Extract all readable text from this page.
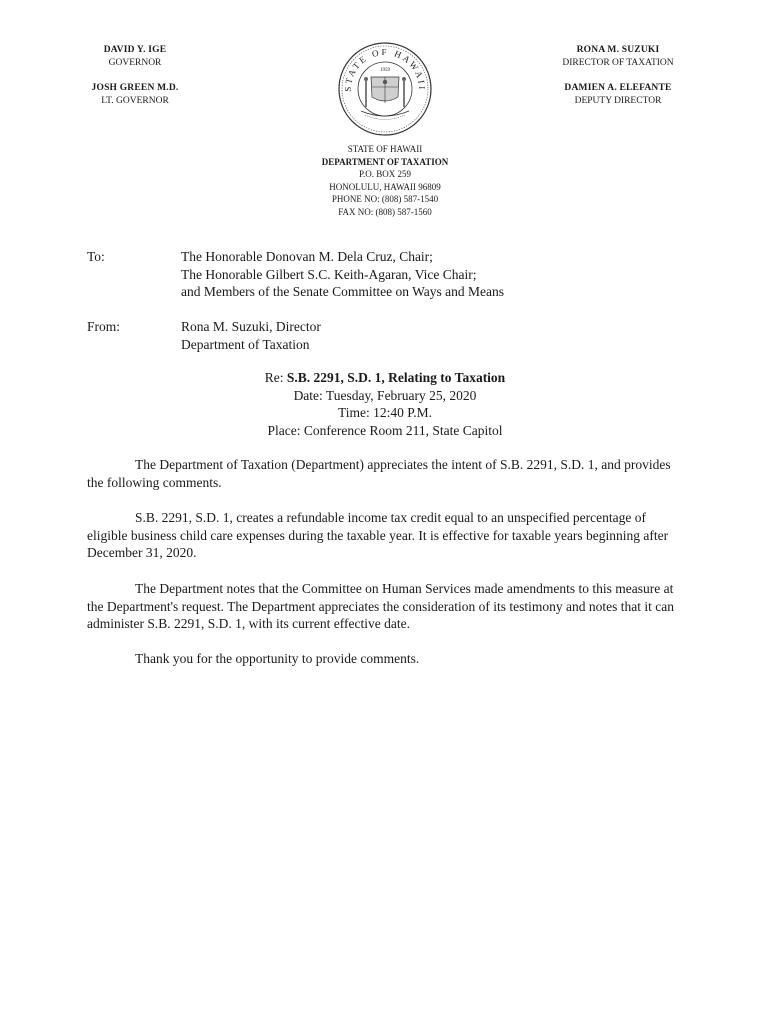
DAVID Y. IGE
GOVERNOR
JOSH GREEN M.D.
LT. GOVERNOR
RONA M. SUZUKI
DIRECTOR OF TAXATION
DAMIEN A. ELEFANTE
DEPUTY DIRECTOR
STATE OF HAWAII
1959
STATE OF HAWAII
DEPARTMENT OF TAXATION
P.O. BOX 259
HONOLULU, HAWAII 96809
PHONE NO: (808) 587-1540
FAX NO: (808) 587-1560
To:	The Honorable Donovan M. Dela Cruz, Chair;
The Honorable Gilbert S.C. Keith-Agaran, Vice Chair;
and Members of the Senate Committee on Ways and Means
From:	Rona M. Suzuki, Director
Department of Taxation
Re: S.B. 2291, S.D. 1, Relating to Taxation
Date: Tuesday, February 25, 2020
Time: 12:40 P.M.
Place: Conference Room 211, State Capitol

The Department of Taxation (Department) appreciates the intent of S.B. 2291, S.D. 1, and provides the following comments.

S.B. 2291, S.D. 1, creates a refundable income tax credit equal to an unspecified percentage of eligible business child care expenses during the taxable year. It is effective for taxable years beginning after December 31, 2020.

The Department notes that the Committee on Human Services made amendments to this measure at the Department's request. The Department appreciates the consideration of its testimony and notes that it can administer S.B. 2291, S.D. 1, with its current effective date.

Thank you for the opportunity to provide comments.
